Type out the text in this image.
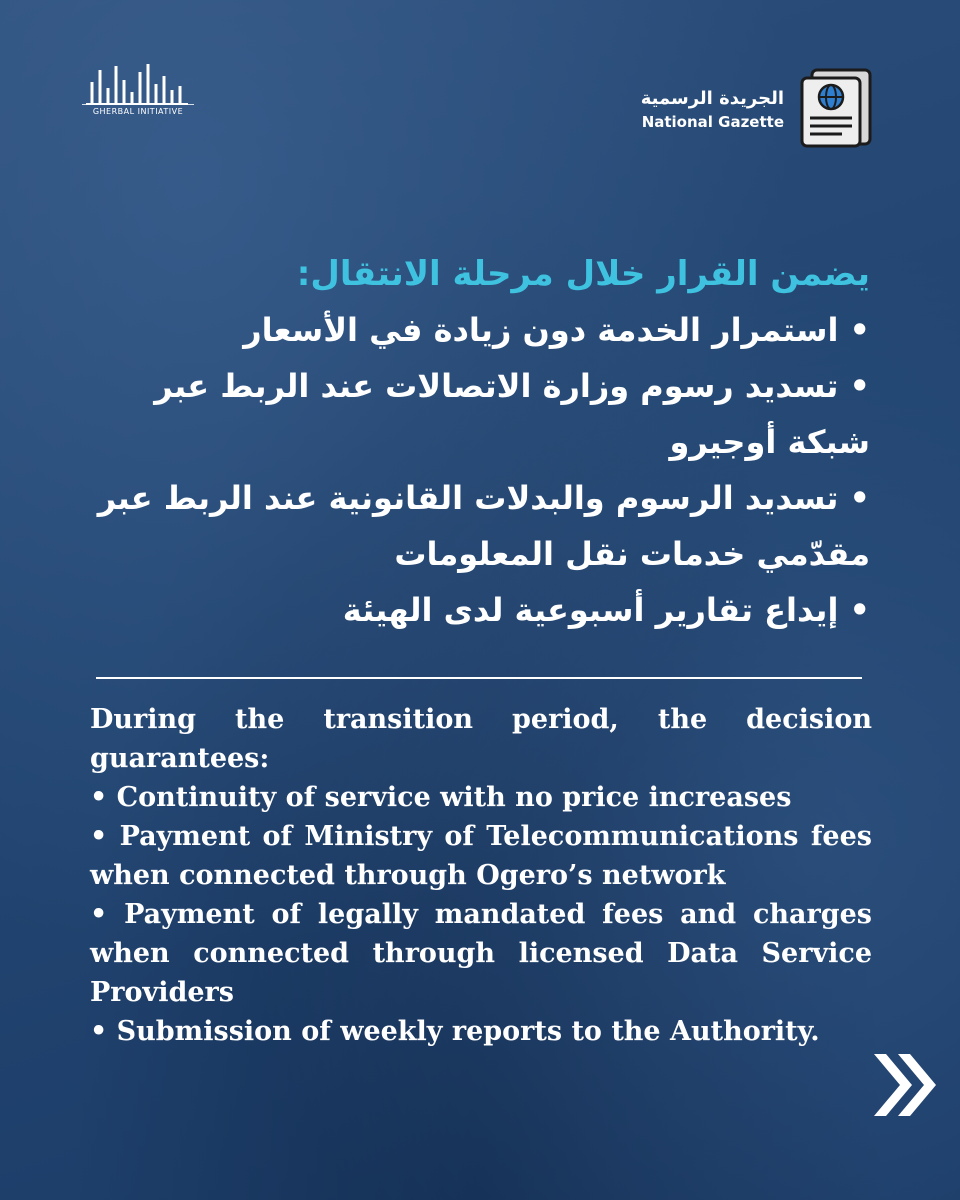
GHERBAL INITIATIVE
الجريدة الرسمية
National Gazette
يضمن القرار خلال مرحلة الانتقال:
• استمرار الخدمة دون زيادة في الأسعار
• تسديد رسوم وزارة الاتصالات عند الربط عبر شبكة أوجيرو
• تسديد الرسوم والبدلات القانونية عند الربط عبر مقدّمي خدمات نقل المعلومات
• إيداع تقارير أسبوعية لدى الهيئة

During the transition period, the decision guarantees:

• Continuity of service with no price increases

• Payment of Ministry of Telecommunications fees when connected through Ogero’s network

• Payment of legally mandated fees and charges when connected through licensed Data Service Providers

• Submission of weekly reports to the Authority.
